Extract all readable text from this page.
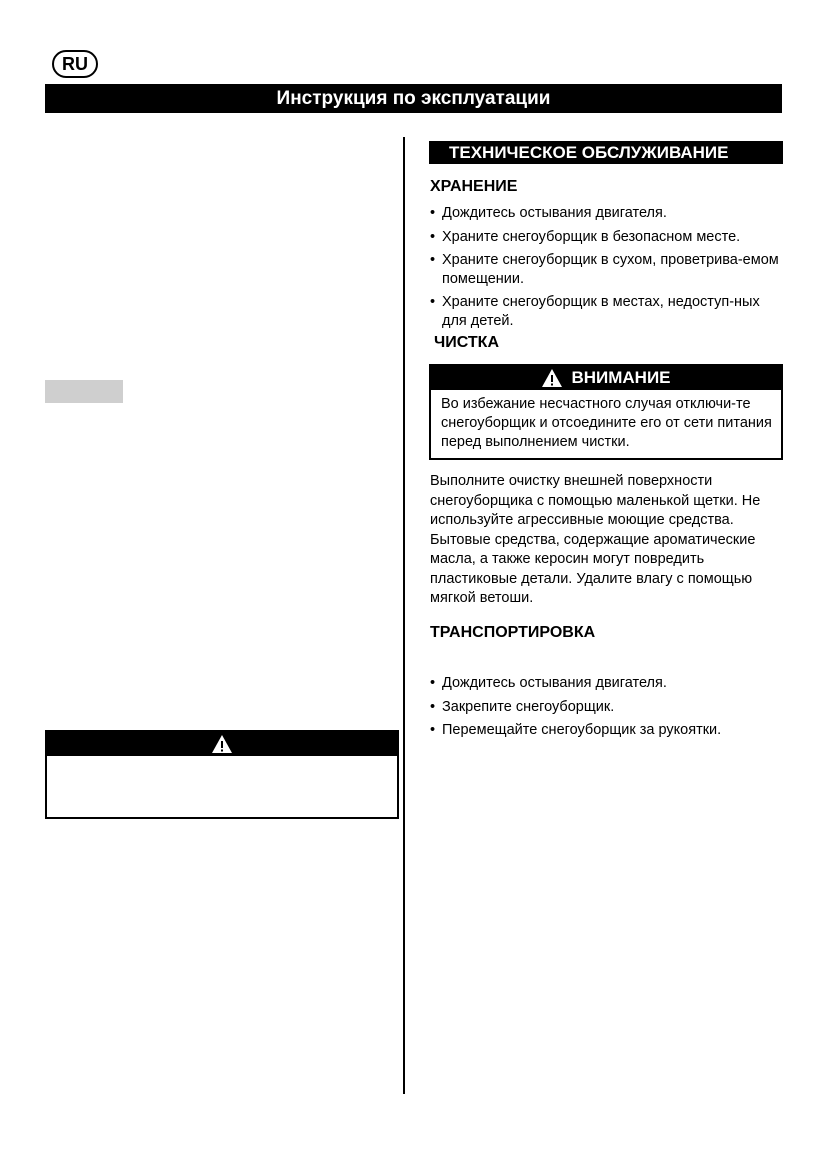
RU
Инструкция по эксплуатации
ТЕХНИЧЕСКОЕ ОБСЛУЖИВАНИЕ
ХРАНЕНИЕ
• Дождитесь остывания двигателя.
• Храните снегоуборщик в безопасном месте.
• Храните снегоуборщик в сухом, проветрива-емом помещении.
• Храните снегоуборщик в местах, недоступ-ных для детей.
ЧИСТКА
ВНИМАНИЕ
Во избежание несчастного случая отключи-те снегоуборщик и отсоедините его от сети питания перед выполнением чистки.

Выполните очистку внешней поверхности снегоуборщика с помощью маленькой щетки. Не используйте агрессивные моющие средства. Бытовые средства, содержащие ароматические масла, а также керосин могут повредить пластиковые детали. Удалите влагу с помощью мягкой ветоши.

ТРАНСПОРТИРОВКА
• Дождитесь остывания двигателя.
• Закрепите снегоуборщик.
• Перемещайте снегоуборщик за рукоятки.
